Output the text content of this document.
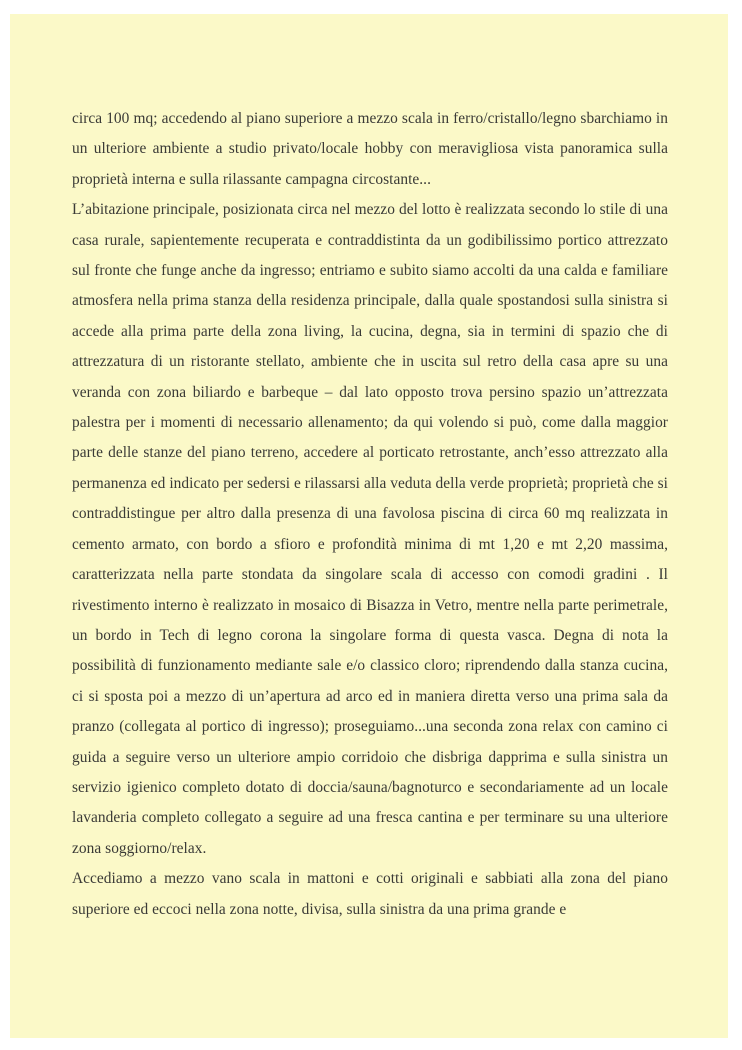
circa 100 mq; accedendo al piano superiore a mezzo scala in ferro/cristallo/legno sbarchiamo in un ulteriore ambiente a studio privato/locale hobby con meravigliosa vista panoramica sulla proprietà interna e sulla rilassante campagna circostante...

L’abitazione principale, posizionata circa nel mezzo del lotto è realizzata secondo lo stile di una casa rurale, sapientemente recuperata e contraddistinta da un godibilissimo portico attrezzato sul fronte che funge anche da ingresso; entriamo e subito siamo accolti da una calda e familiare atmosfera nella prima stanza della residenza principale, dalla quale spostandosi sulla sinistra si accede alla prima parte della zona living, la cucina, degna, sia in termini di spazio che di attrezzatura di un ristorante stellato, ambiente che in uscita sul retro della casa apre su una veranda con zona biliardo e barbeque – dal lato opposto trova persino spazio un’attrezzata palestra per i momenti di necessario allenamento; da qui volendo si può, come dalla maggior parte delle stanze del piano terreno, accedere al porticato retrostante, anch’esso attrezzato alla permanenza ed indicato per sedersi e rilassarsi alla veduta della verde proprietà; proprietà che si contraddistingue per altro dalla presenza di una favolosa piscina di circa 60 mq realizzata in cemento armato, con bordo a sfioro e profondità minima di mt 1,20 e mt 2,20 massima, caratterizzata nella parte stondata da singolare scala di accesso con comodi gradini . Il rivestimento interno è realizzato in mosaico di Bisazza in Vetro, mentre nella parte perimetrale, un bordo in Tech di legno corona la singolare forma di questa vasca. Degna di nota la possibilità di funzionamento mediante sale e/o classico cloro; riprendendo dalla stanza cucina, ci si sposta poi a mezzo di un’apertura ad arco ed in maniera diretta verso una prima sala da pranzo (collegata al portico di ingresso); proseguiamo...una seconda zona relax con camino ci guida a seguire verso un ulteriore ampio corridoio che disbriga dapprima e sulla sinistra un servizio igienico completo dotato di doccia/sauna/bagnoturco e secondariamente ad un locale lavanderia completo collegato a seguire ad una fresca cantina e per terminare su una ulteriore zona soggiorno/relax.

Accediamo a mezzo vano scala in mattoni e cotti originali e sabbiati alla zona del piano superiore ed eccoci nella zona notte, divisa, sulla sinistra da una prima grande e
